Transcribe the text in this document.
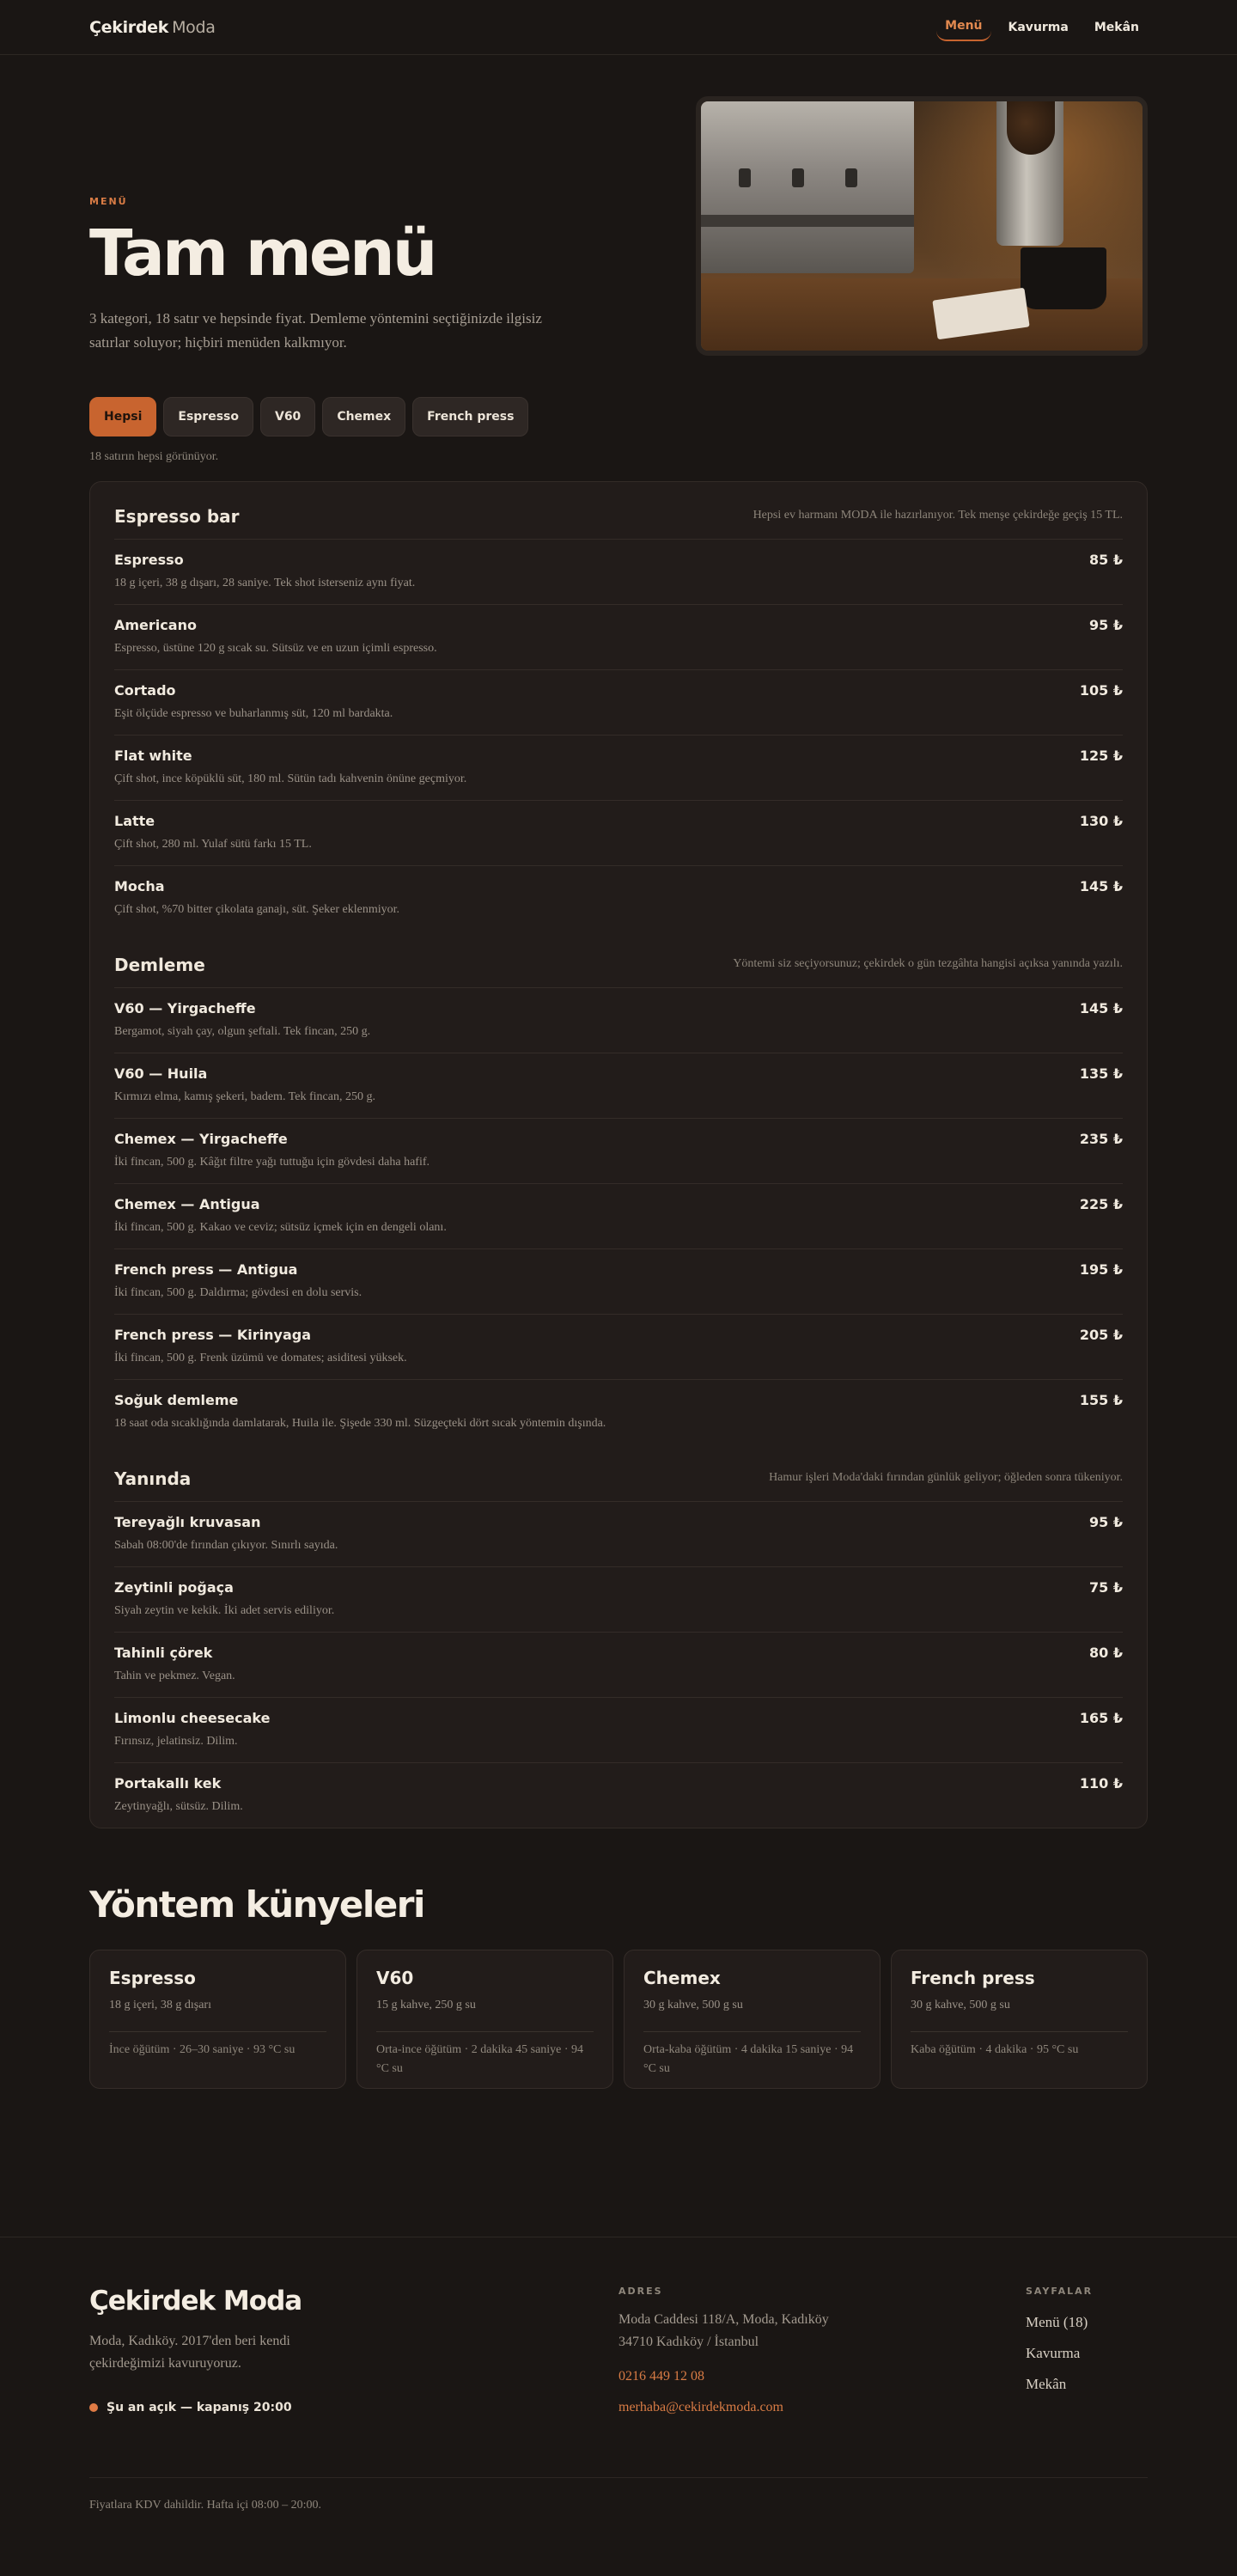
Çekirdek Moda	Menü	Kavurma	Mekân
MENÜ
Tam menü

3 kategori, 18 satır ve hepsinde fiyat. Demleme yöntemini seçtiğinizde ilgisiz satırlar soluyor; hiçbiri menüden kalkmıyor.

Hepsi	Espresso	V60	Chemex	French press

18 satırın hepsi görünüyor.

Espresso bar	Hepsi ev harmanı MODA ile hazırlanıyor. Tek menşe çekirdeğe geçiş 15 TL.
Espresso
18 g içeri, 38 g dışarı, 28 saniye. Tek shot isterseniz aynı fiyat.
85 ₺
Americano
Espresso, üstüne 120 g sıcak su. Sütsüz ve en uzun içimli espresso.
95 ₺
Cortado
Eşit ölçüde espresso ve buharlanmış süt, 120 ml bardakta.
105 ₺
Flat white
Çift shot, ince köpüklü süt, 180 ml. Sütün tadı kahvenin önüne geçmiyor.
125 ₺
Latte
Çift shot, 280 ml. Yulaf sütü farkı 15 TL.
130 ₺
Mocha
Çift shot, %70 bitter çikolata ganajı, süt. Şeker eklenmiyor.
145 ₺
Demleme	Yöntemi siz seçiyorsunuz; çekirdek o gün tezgâhta hangisi açıksa yanında yazılı.
V60 — Yirgacheffe
Bergamot, siyah çay, olgun şeftali. Tek fincan, 250 g.
145 ₺
V60 — Huila
Kırmızı elma, kamış şekeri, badem. Tek fincan, 250 g.
135 ₺
Chemex — Yirgacheffe
İki fincan, 500 g. Kâğıt filtre yağı tuttuğu için gövdesi daha hafif.
235 ₺
Chemex — Antigua
İki fincan, 500 g. Kakao ve ceviz; sütsüz içmek için en dengeli olanı.
225 ₺
French press — Antigua
İki fincan, 500 g. Daldırma; gövdesi en dolu servis.
195 ₺
French press — Kirinyaga
İki fincan, 500 g. Frenk üzümü ve domates; asiditesi yüksek.
205 ₺
Soğuk demleme
18 saat oda sıcaklığında damlatarak, Huila ile. Şişede 330 ml. Süzgeçteki dört sıcak yöntemin dışında.
155 ₺
Yanında	Hamur işleri Moda'daki fırından günlük geliyor; öğleden sonra tükeniyor.
Tereyağlı kruvasan
Sabah 08:00'de fırından çıkıyor. Sınırlı sayıda.
95 ₺
Zeytinli poğaça
Siyah zeytin ve kekik. İki adet servis ediliyor.
75 ₺
Tahinli çörek
Tahin ve pekmez. Vegan.
80 ₺
Limonlu cheesecake
Fırınsız, jelatinsiz. Dilim.
165 ₺
Portakallı kek
Zeytinyağlı, sütsüz. Dilim.
110 ₺
Yöntem künyeleri
Espresso
18 g içeri, 38 g dışarı
İnce öğütüm · 26–30 saniye · 93 °C su
V60
15 g kahve, 250 g su
Orta-ince öğütüm · 2 dakika 45 saniye · 94 °C su
Chemex
30 g kahve, 500 g su
Orta-kaba öğütüm · 4 dakika 15 saniye · 94 °C su
French press
30 g kahve, 500 g su
Kaba öğütüm · 4 dakika · 95 °C su
Çekirdek Moda

Moda, Kadıköy. 2017'den beri kendi çekirdeğimizi kavuruyoruz.

Şu an açık — kapanış 20:00
ADRES

Moda Caddesi 118/A, Moda, Kadıköy
34710 Kadıköy / İstanbul

0216 449 12 08
merhaba@cekirdekmoda.com
SAYFALAR
Menü (18)
Kavurma
Mekân
Fiyatlara KDV dahildir. Hafta içi 08:00 – 20:00.
